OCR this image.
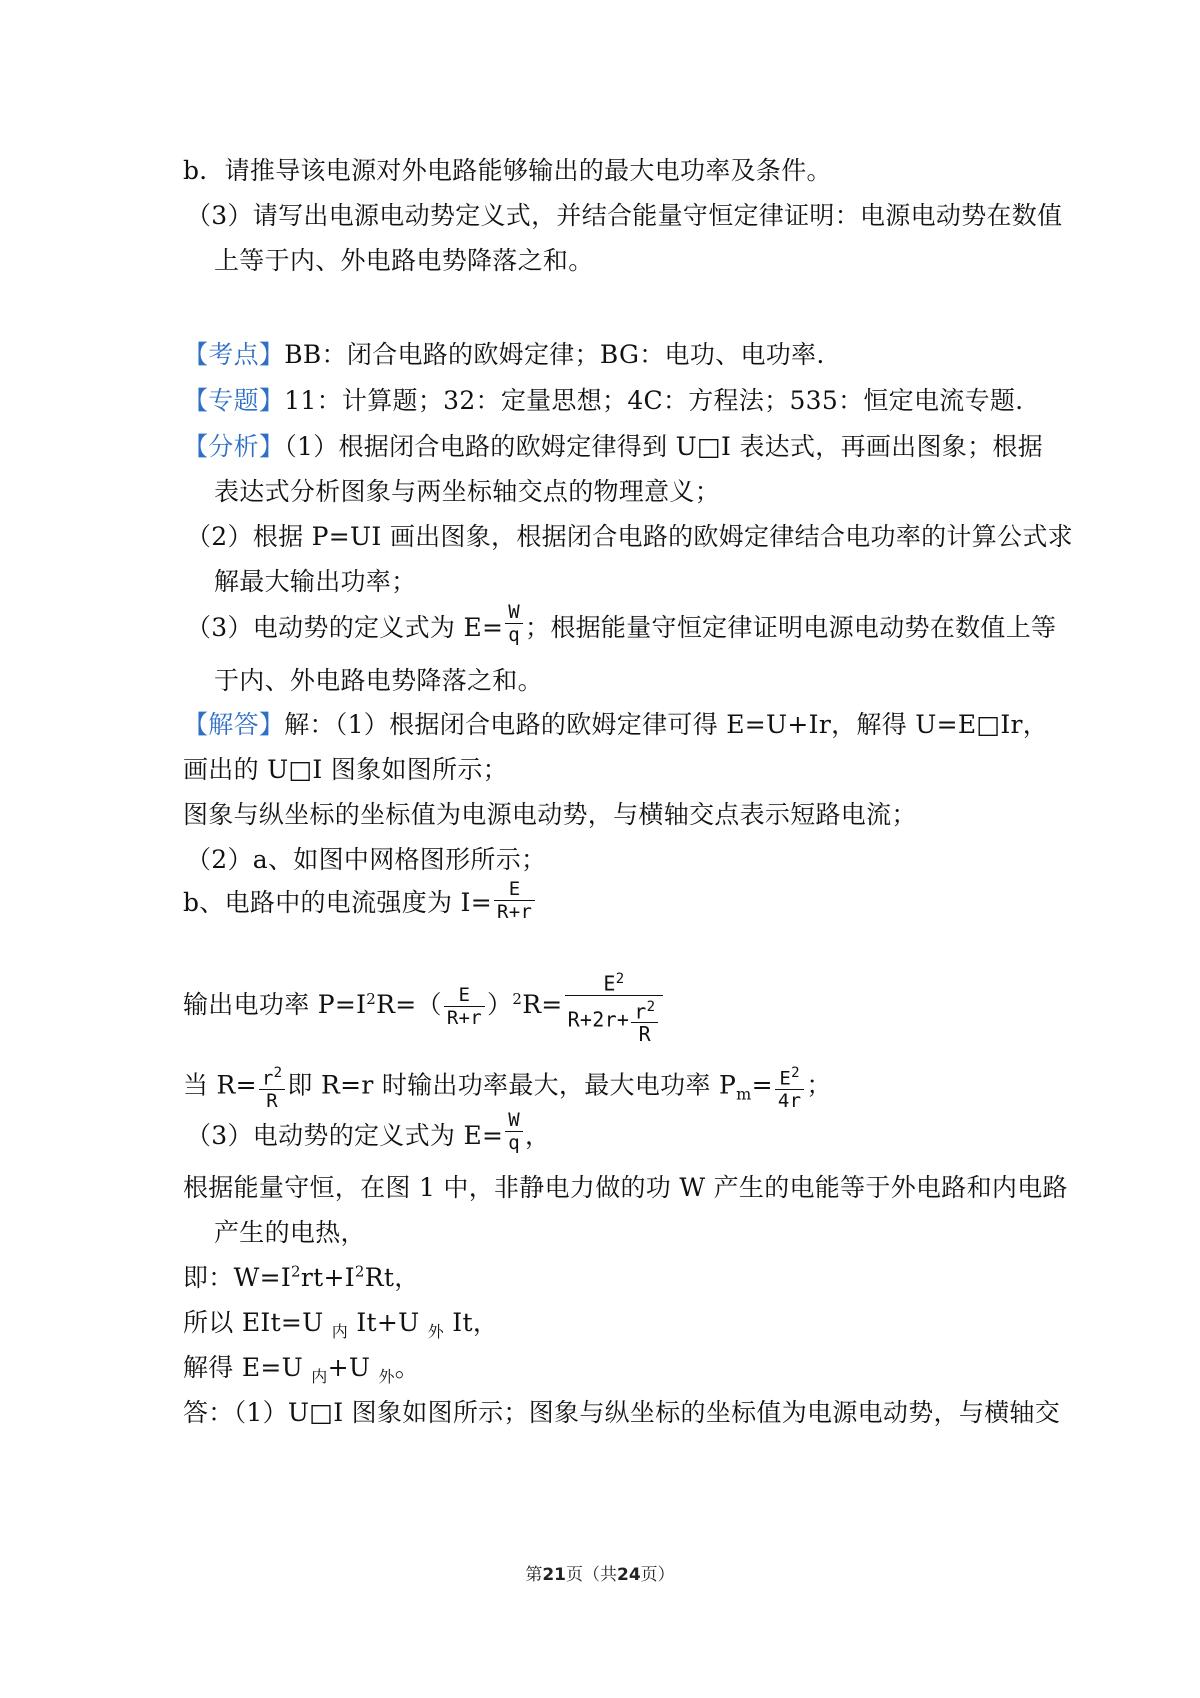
b．请推导该电源对外电路能够输出的最大电功率及条件。
（3）请写出电源电动势定义式，并结合能量守恒定律证明：电源电动势在数值
上等于内、外电路电势降落之和。
【考点】BB：闭合电路的欧姆定律；BG：电功、电功率.
【专题】11：计算题；32：定量思想；4C：方程法；535：恒定电流专题.
【分析】（1）根据闭合电路的欧姆定律得到 U□I 表达式，再画出图象；根据
表达式分析图象与两坐标轴交点的物理意义；
（2）根据 P=UI 画出图象，根据闭合电路的欧姆定律结合电功率的计算公式求
解最大输出功率；
（3）电动势的定义式为 $E= \frac{W}{q}$ ；根据能量守恒定律证明电源电动势在数值上等
于内、外电路电势降落之和。
【解答】解：（1）根据闭合电路的欧姆定律可得 E=U+Ir，解得 U=E□Ir，
画出的 U□I 图象如图所示；
图象与纵坐标的坐标值为电源电动势，与横轴交点表示短路电流；
（2）a、如图中网格图形所示；
b、电路中的电流强度为 $I= \frac{E}{R+r}$
输出电功率 $P=I^2R=( \frac{E}{R+r} )^2R= \frac{E^2}{R+2r+ \frac{r^2}{R}}$
当 $R= \frac{r^2}{R}$ 即 R=r 时输出功率最大，最大电功率 $P_m= \frac{E^2}{4r}$ ；
（3）电动势的定义式为 $E= \frac{W}{q}$ ，
根据能量守恒，在图 1 中，非静电力做的功 W 产生的电能等于外电路和内电路
产生的电热，
即：$W=I^2rt+I^2Rt$，
所以 EIt=U $_内$ It+U $_外$ It，
解得 E=U $_内$+U $_外$。
答：（1）U□I 图象如图所示；图象与纵坐标的坐标值为电源电动势，与横轴交
第21页（共24页）
